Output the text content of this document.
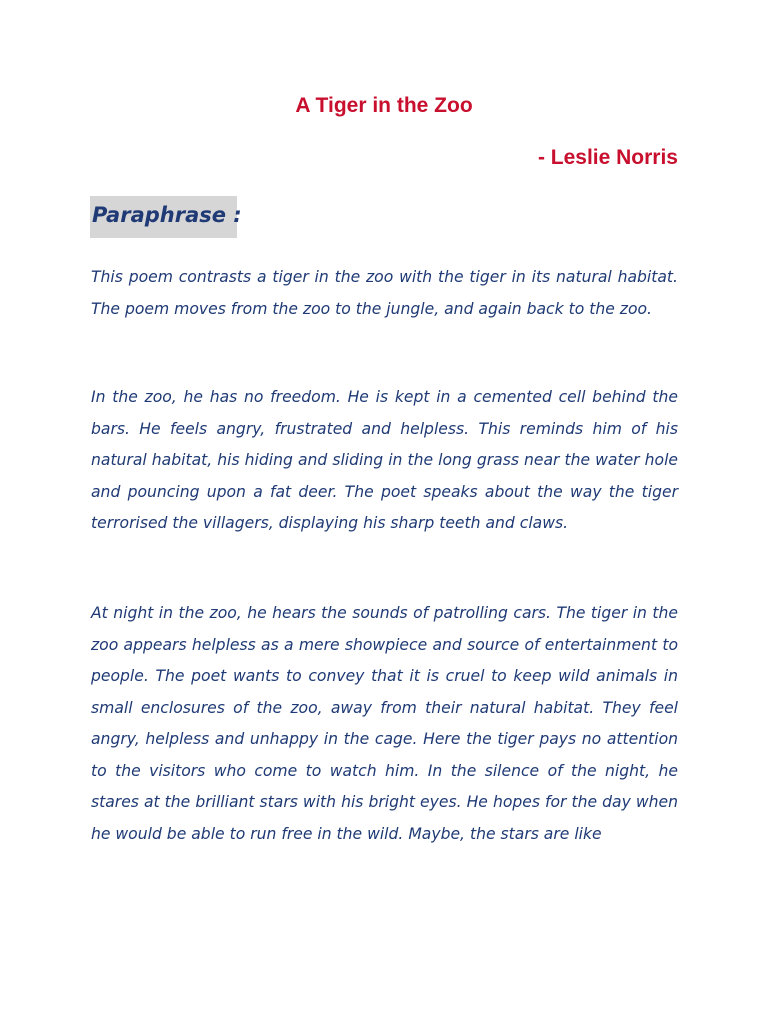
A Tiger in the Zoo

- Leslie Norris

Paraphrase :

This poem contrasts a tiger in the zoo with the tiger in its natural habitat. The poem moves from the zoo to the jungle, and again back to the zoo.

In the zoo, he has no freedom. He is kept in a cemented cell behind the bars. He feels angry, frustrated and helpless. This reminds him of his natural habitat, his hiding and sliding in the long grass near the water hole and pouncing upon a fat deer. The poet speaks about the way the tiger terrorised the villagers, displaying his sharp teeth and claws.

At night in the zoo, he hears the sounds of patrolling cars. The tiger in the zoo appears helpless as a mere showpiece and source of entertainment to people. The poet wants to convey that it is cruel to keep wild animals in small enclosures of the zoo, away from their natural habitat. They feel angry, helpless and unhappy in the cage. Here the tiger pays no attention to the visitors who come to watch him. In the silence of the night, he stares at the brilliant stars with his bright eyes. He hopes for the day when he would be able to run free in the wild. Maybe, the stars are like
